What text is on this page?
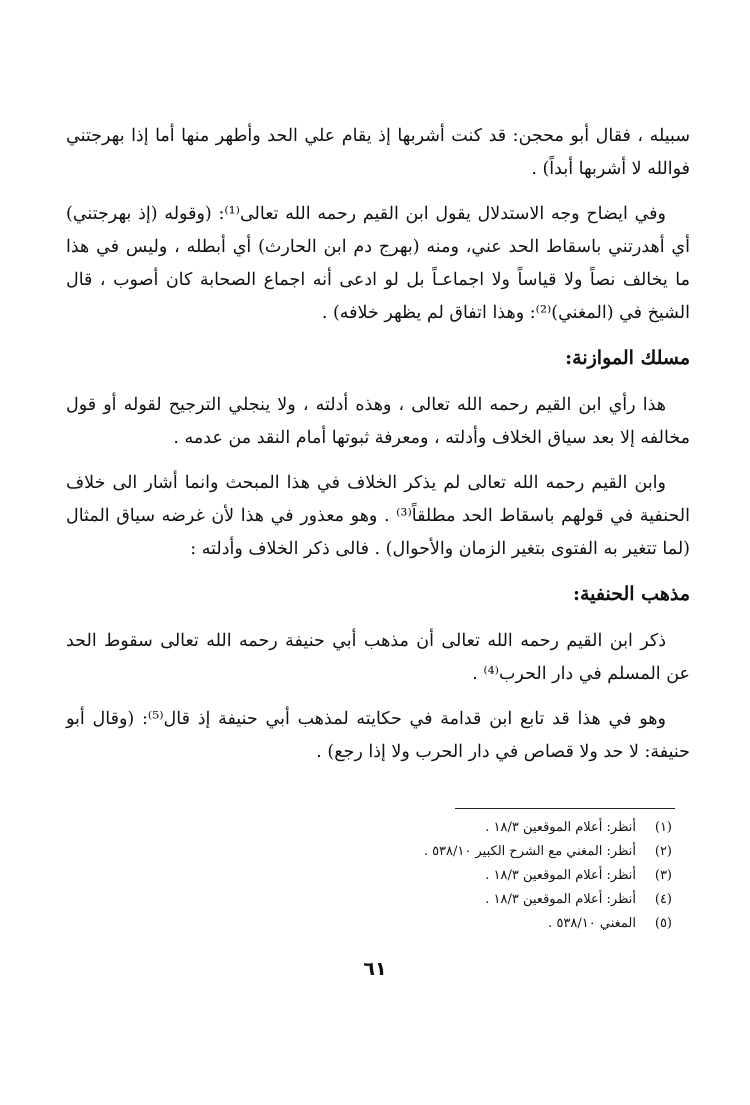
سبيله ، فقال أبو محجن: قد كنت أشربها إذ يقام علي الحد وأطهر منها أما إذا بهرجتني فوالله لا أشربها أبداً) .

وفي ايضاح وجه الاستدلال يقول ابن القيم رحمه الله تعالى⁽¹⁾: (وقوله (إذ بهرجتني) أي أهدرتني باسقاط الحد عني، ومنه (بهرج دم ابن الحارث) أي أبطله ، وليس في هذا ما يخالف نصاً ولا قياساً ولا اجماعـاً بل لو ادعى أنه اجماع الصحابة كان أصوب ، قال الشيخ في (المغني)⁽²⁾: وهذا اتفاق لم يظهر خلافه) .

مسلك الموازنة:

هذا رأي ابن القيم رحمه الله تعالى ، وهذه أدلته ، ولا ينجلي الترجيح لقوله أو قول مخالفه إلا بعد سياق الخلاف وأدلته ، ومعرفة ثبوتها أمام النقد من عدمه .

وابن القيم رحمه الله تعالى لم يذكر الخلاف في هذا المبحث وانما أشار الى خلاف الحنفية في قولهم باسقاط الحد مطلقاً⁽³⁾ . وهو معذور في هذا لأن غرضه سياق المثال (لما تتغير به الفتوى بتغير الزمان والأحوال) . فالى ذكر الخلاف وأدلته :

مذهب الحنفية:

ذكر ابن القيم رحمه الله تعالى أن مذهب أبي حنيفة رحمه الله تعالى سقوط الحد عن المسلم في دار الحرب⁽⁴⁾ .

وهو في هذا قد تابع ابن قدامة في حكايته لمذهب أبي حنيفة إذ قال⁽⁵⁾: (وقال أبو حنيفة: لا حد ولا قصاص في دار الحرب ولا إذا رجع) .

(١)أنظر: أعلام الموقعين ١٨/٣ .
(٢)أنظر: المغني مع الشرح الكبير ٥٣٨/١٠ .
(٣)أنظر: أعلام الموقعين ١٨/٣ .
(٤)أنظر: أعلام الموقعين ١٨/٣ .
(٥)المغني ٥٣٨/١٠ .
٦١
